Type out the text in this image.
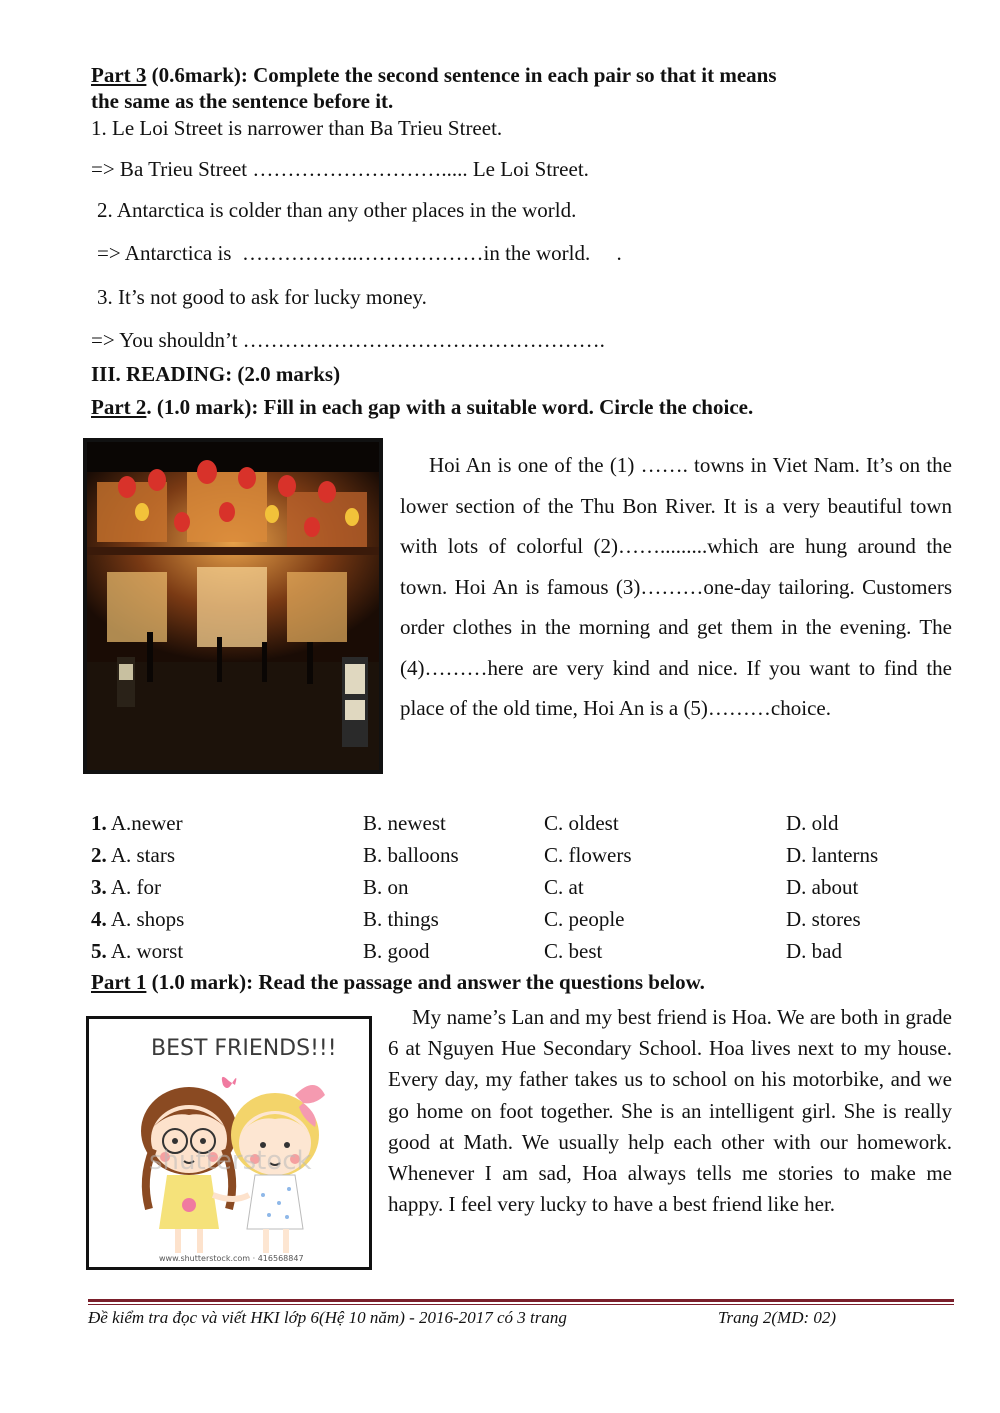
Part 3 (0.6mark): Complete the second sentence in each pair so that it means
the same as the sentence before it.
1. Le Loi Street is narrower than Ba Trieu Street.
=> Ba Trieu Street ………………………..... Le Loi Street.
2. Antarctica is colder than any other places in the world.
=> Antarctica is  ……………..………………in the world.     .
3. It’s not good to ask for lucky money.
=> You shouldn’t …………………………………………….
III. READING: (2.0 marks)
Part 2. (1.0 mark): Fill in each gap with a suitable word. Circle the choice.
Hoi An is one of the (1) ……. towns in Viet Nam. It’s on the lower section of the Thu Bon River. It is a very beautiful town with lots of colorful (2)…….........which are hung around the town. Hoi An is famous (3)………one-day tailoring. Customers order clothes in the morning and get them in the evening. The (4)………here are very kind and nice. If you want to find the place of the old time, Hoi An is a (5)………choice.
1. A.newer	B. newest	C. oldest	D. old
2. A. stars	B. balloons	C. flowers	D. lanterns
3. A. for	B. on	C. at	D. about
4. A. shops	B. things	C. people	D. stores
5. A. worst	B. good	C. best	D. bad
Part 1 (1.0 mark): Read the passage and answer the questions below.
BEST FRIENDS!!!
shutterstock
www.shutterstock.com · 416568847
My name’s Lan and my best friend is Hoa. We are both in grade 6 at Nguyen Hue Secondary School. Hoa lives next to my house. Every day, my father takes us to school on his motorbike, and we go home on foot together. She is an intelligent girl. She is really good at Math. We usually help each other with our homework. Whenever I am sad, Hoa always tells me stories to make me happy. I feel very lucky to have a best friend like her.
Đề kiểm tra đọc và viết HKI lớp 6(Hệ 10 năm) - 2016-2017 có 3 trang	Trang 2(MD: 02)
